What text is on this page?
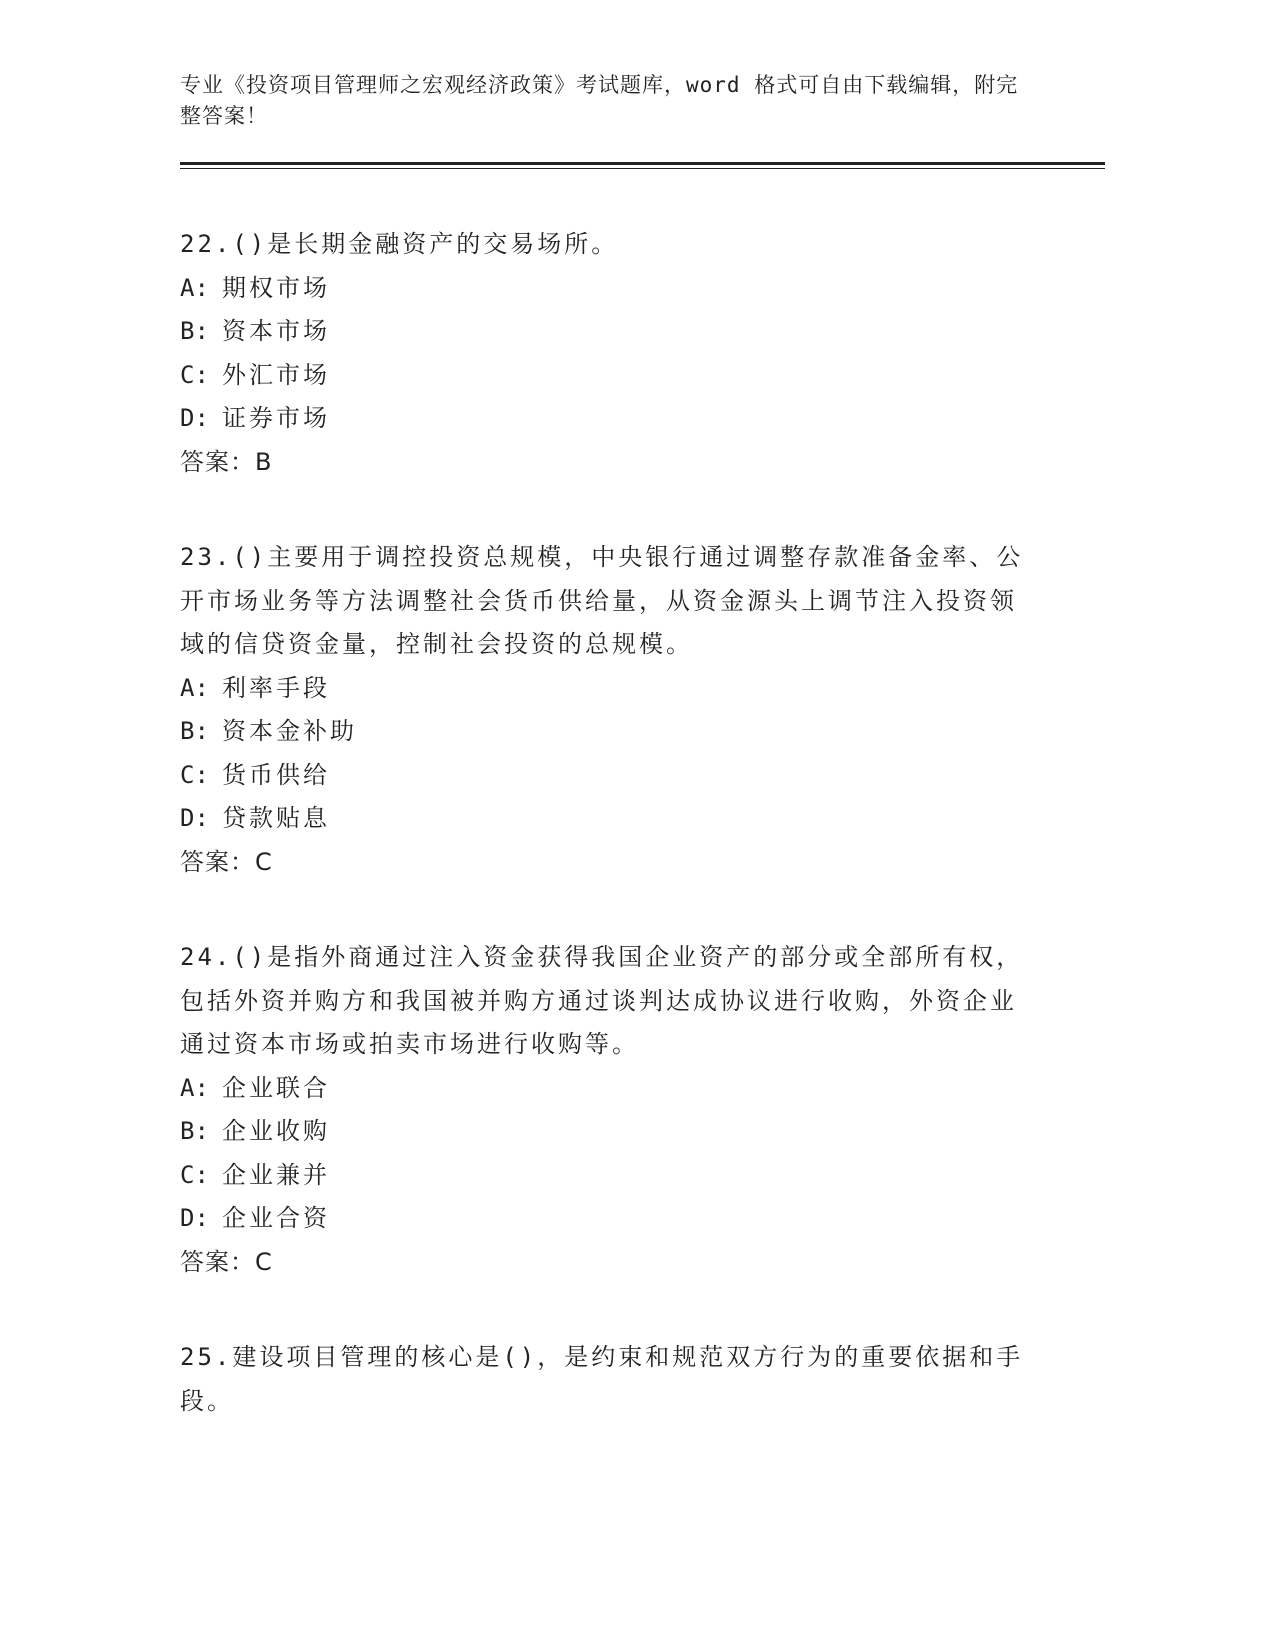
专业《投资项目管理师之宏观经济政策》考试题库，word 格式可自由下载编辑，附完整答案！
22.()是长期金融资产的交易场所。
A: 期权市场
B: 资本市场
C: 外汇市场
D: 证券市场
答案：B
23.()主要用于调控投资总规模，中央银行通过调整存款准备金率、公开市场业务等方法调整社会货币供给量，从资金源头上调节注入投资领域的信贷资金量，控制社会投资的总规模。
A: 利率手段
B: 资本金补助
C: 货币供给
D: 贷款贴息
答案：C
24.()是指外商通过注入资金获得我国企业资产的部分或全部所有权，包括外资并购方和我国被并购方通过谈判达成协议进行收购，外资企业通过资本市场或拍卖市场进行收购等。
A: 企业联合
B: 企业收购
C: 企业兼并
D: 企业合资
答案：C
25.建设项目管理的核心是()，是约束和规范双方行为的重要依据和手段。
